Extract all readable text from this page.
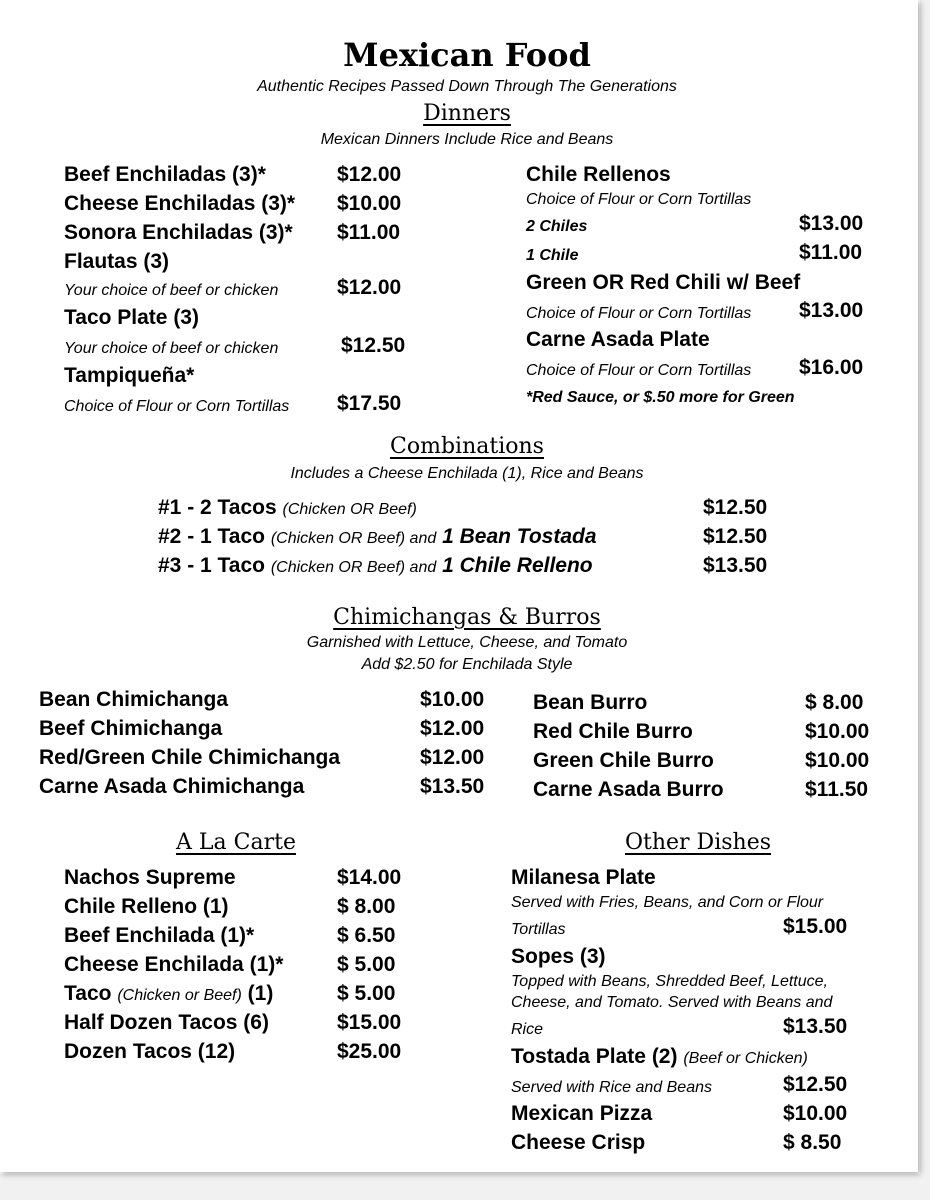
Mexican Food
Authentic Recipes Passed Down Through The Generations
Dinners
Mexican Dinners Include Rice and Beans
Beef Enchiladas (3)*	$12.00
Cheese Enchiladas (3)* $10.00
Sonora Enchiladas (3)* $11.00
Flautas (3)
Your choice of beef or chicken	$12.00
Taco Plate (3)
Your choice of beef or chicken	$12.50
Tampiqueña*
Choice of Flour or Corn Tortillas $17.50
Chile Rellenos
Choice of Flour or Corn Tortillas
2 Chiles	$13.00
1 Chile	$11.00
Green OR Red Chili w/ Beef
Choice of Flour or Corn Tortillas $13.00
Carne Asada Plate
Choice of Flour or Corn Tortillas $16.00
*Red Sauce, or $.50 more for Green
Combinations
Includes a Cheese Enchilada (1), Rice and Beans
#1 - 2 Tacos (Chicken OR Beef)	$12.50
#2 - 1 Taco (Chicken OR Beef) and 1 Bean Tostada	$12.50
#3 - 1 Taco (Chicken OR Beef) and 1 Chile Relleno	$13.50
Chimichangas & Burros
Garnished with Lettuce, Cheese, and Tomato
Add $2.50 for Enchilada Style
Bean Chimichanga	$10.00
Beef Chimichanga	$12.00
Red/Green Chile Chimichanga	$12.00
Carne Asada Chimichanga	$13.50
Bean Burro	$ 8.00
Red Chile Burro	$10.00
Green Chile Burro	$10.00
Carne Asada Burro	$11.50
A La Carte
Nachos Supreme	$14.00
Chile Relleno (1)	$ 8.00
Beef Enchilada (1)*	$ 6.50
Cheese Enchilada (1)*	$ 5.00
Taco (Chicken or Beef) (1)	$ 5.00
Half Dozen Tacos (6)	$15.00
Dozen Tacos (12)	$25.00
Other Dishes
Milanesa Plate
Served with Fries, Beans, and Corn or Flour
Tortillas	$15.00
Sopes (3)
Topped with Beans, Shredded Beef, Lettuce,
Cheese, and Tomato. Served with Beans and
Rice	$13.50
Tostada Plate (2) (Beef or Chicken)
Served with Rice and Beans	$12.50
Mexican Pizza	$10.00
Cheese Crisp	$ 8.50
